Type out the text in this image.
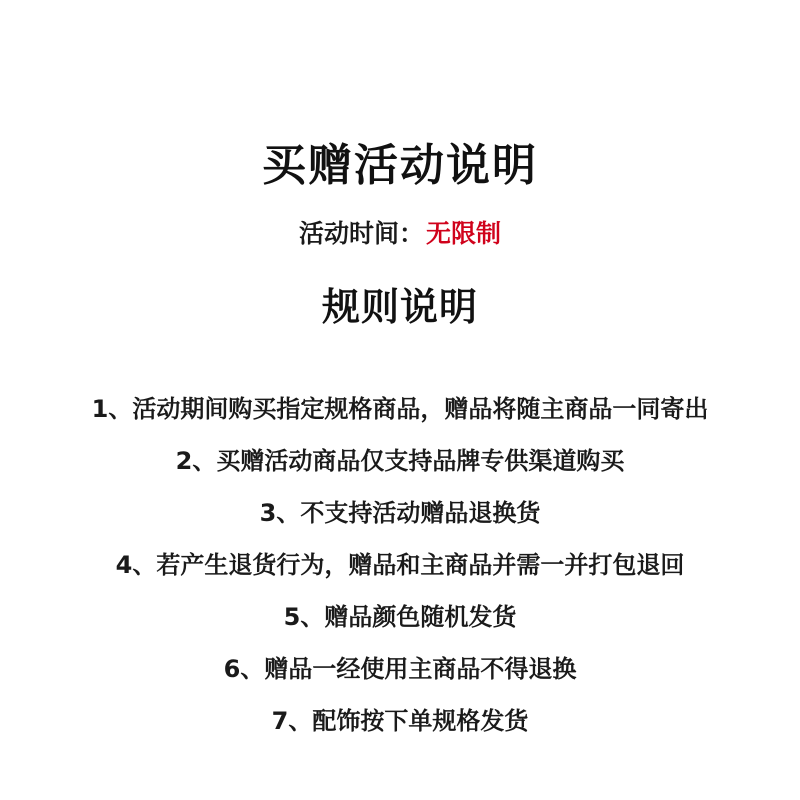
买赠活动说明
活动时间：无限制
规则说明
1、活动期间购买指定规格商品，赠品将随主商品一同寄出
2、买赠活动商品仅支持品牌专供渠道购买
3、不支持活动赠品退换货
4、若产生退货行为，赠品和主商品并需一并打包退回
5、赠品颜色随机发货
6、赠品一经使用主商品不得退换
7、配饰按下单规格发货
